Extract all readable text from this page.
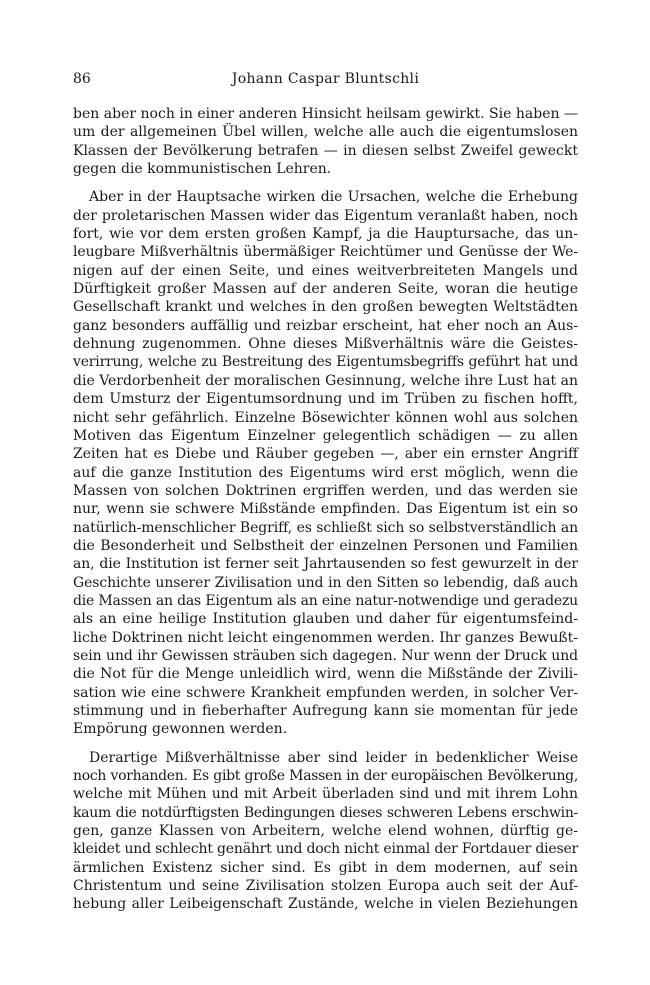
86	Johann Caspar Bluntschli

ben aber noch in einer anderen Hinsicht heilsam gewirkt. Sie haben —
um der allgemeinen Übel willen, welche alle auch die eigentumslosen
Klassen der Bevölkerung betrafen — in diesen selbst Zweifel geweckt
gegen die kommunistischen Lehren.

Aber in der Hauptsache wirken die Ursachen, welche die Erhebung
der proletarischen Massen wider das Eigentum veranlaßt haben, noch
fort, wie vor dem ersten großen Kampf, ja die Hauptursache, das un-
leugbare Mißverhältnis übermäßiger Reichtümer und Genüsse der We-
nigen auf der einen Seite, und eines weitverbreiteten Mangels und
Dürftigkeit großer Massen auf der anderen Seite, woran die heutige
Gesellschaft krankt und welches in den großen bewegten Weltstädten
ganz besonders auffällig und reizbar erscheint, hat eher noch an Aus-
dehnung zugenommen. Ohne dieses Mißverhältnis wäre die Geistes-
verirrung, welche zu Bestreitung des Eigentumsbegriffs geführt hat und
die Verdorbenheit der moralischen Gesinnung, welche ihre Lust hat an
dem Umsturz der Eigentumsordnung und im Trüben zu fischen hofft,
nicht sehr gefährlich. Einzelne Bösewichter können wohl aus solchen
Motiven das Eigentum Einzelner gelegentlich schädigen — zu allen
Zeiten hat es Diebe und Räuber gegeben —, aber ein ernster Angriff
auf die ganze Institution des Eigentums wird erst möglich, wenn die
Massen von solchen Doktrinen ergriffen werden, und das werden sie
nur, wenn sie schwere Mißstände empfinden. Das Eigentum ist ein so
natürlich-menschlicher Begriff, es schließt sich so selbstverständlich an
die Besonderheit und Selbstheit der einzelnen Personen und Familien
an, die Institution ist ferner seit Jahrtausenden so fest gewurzelt in der
Geschichte unserer Zivilisation und in den Sitten so lebendig, daß auch
die Massen an das Eigentum als an eine natur-notwendige und geradezu
als an eine heilige Institution glauben und daher für eigentumsfeind-
liche Doktrinen nicht leicht eingenommen werden. Ihr ganzes Bewußt-
sein und ihr Gewissen sträuben sich dagegen. Nur wenn der Druck und
die Not für die Menge unleidlich wird, wenn die Mißstände der Zivili-
sation wie eine schwere Krankheit empfunden werden, in solcher Ver-
stimmung und in fieberhafter Aufregung kann sie momentan für jede
Empörung gewonnen werden.

Derartige Mißverhältnisse aber sind leider in bedenklicher Weise
noch vorhanden. Es gibt große Massen in der europäischen Bevölkerung,
welche mit Mühen und mit Arbeit überladen sind und mit ihrem Lohn
kaum die notdürftigsten Bedingungen dieses schweren Lebens erschwin-
gen, ganze Klassen von Arbeitern, welche elend wohnen, dürftig ge-
kleidet und schlecht genährt und doch nicht einmal der Fortdauer dieser
ärmlichen Existenz sicher sind. Es gibt in dem modernen, auf sein
Christentum und seine Zivilisation stolzen Europa auch seit der Auf-
hebung aller Leibeigenschaft Zustände, welche in vielen Beziehungen
